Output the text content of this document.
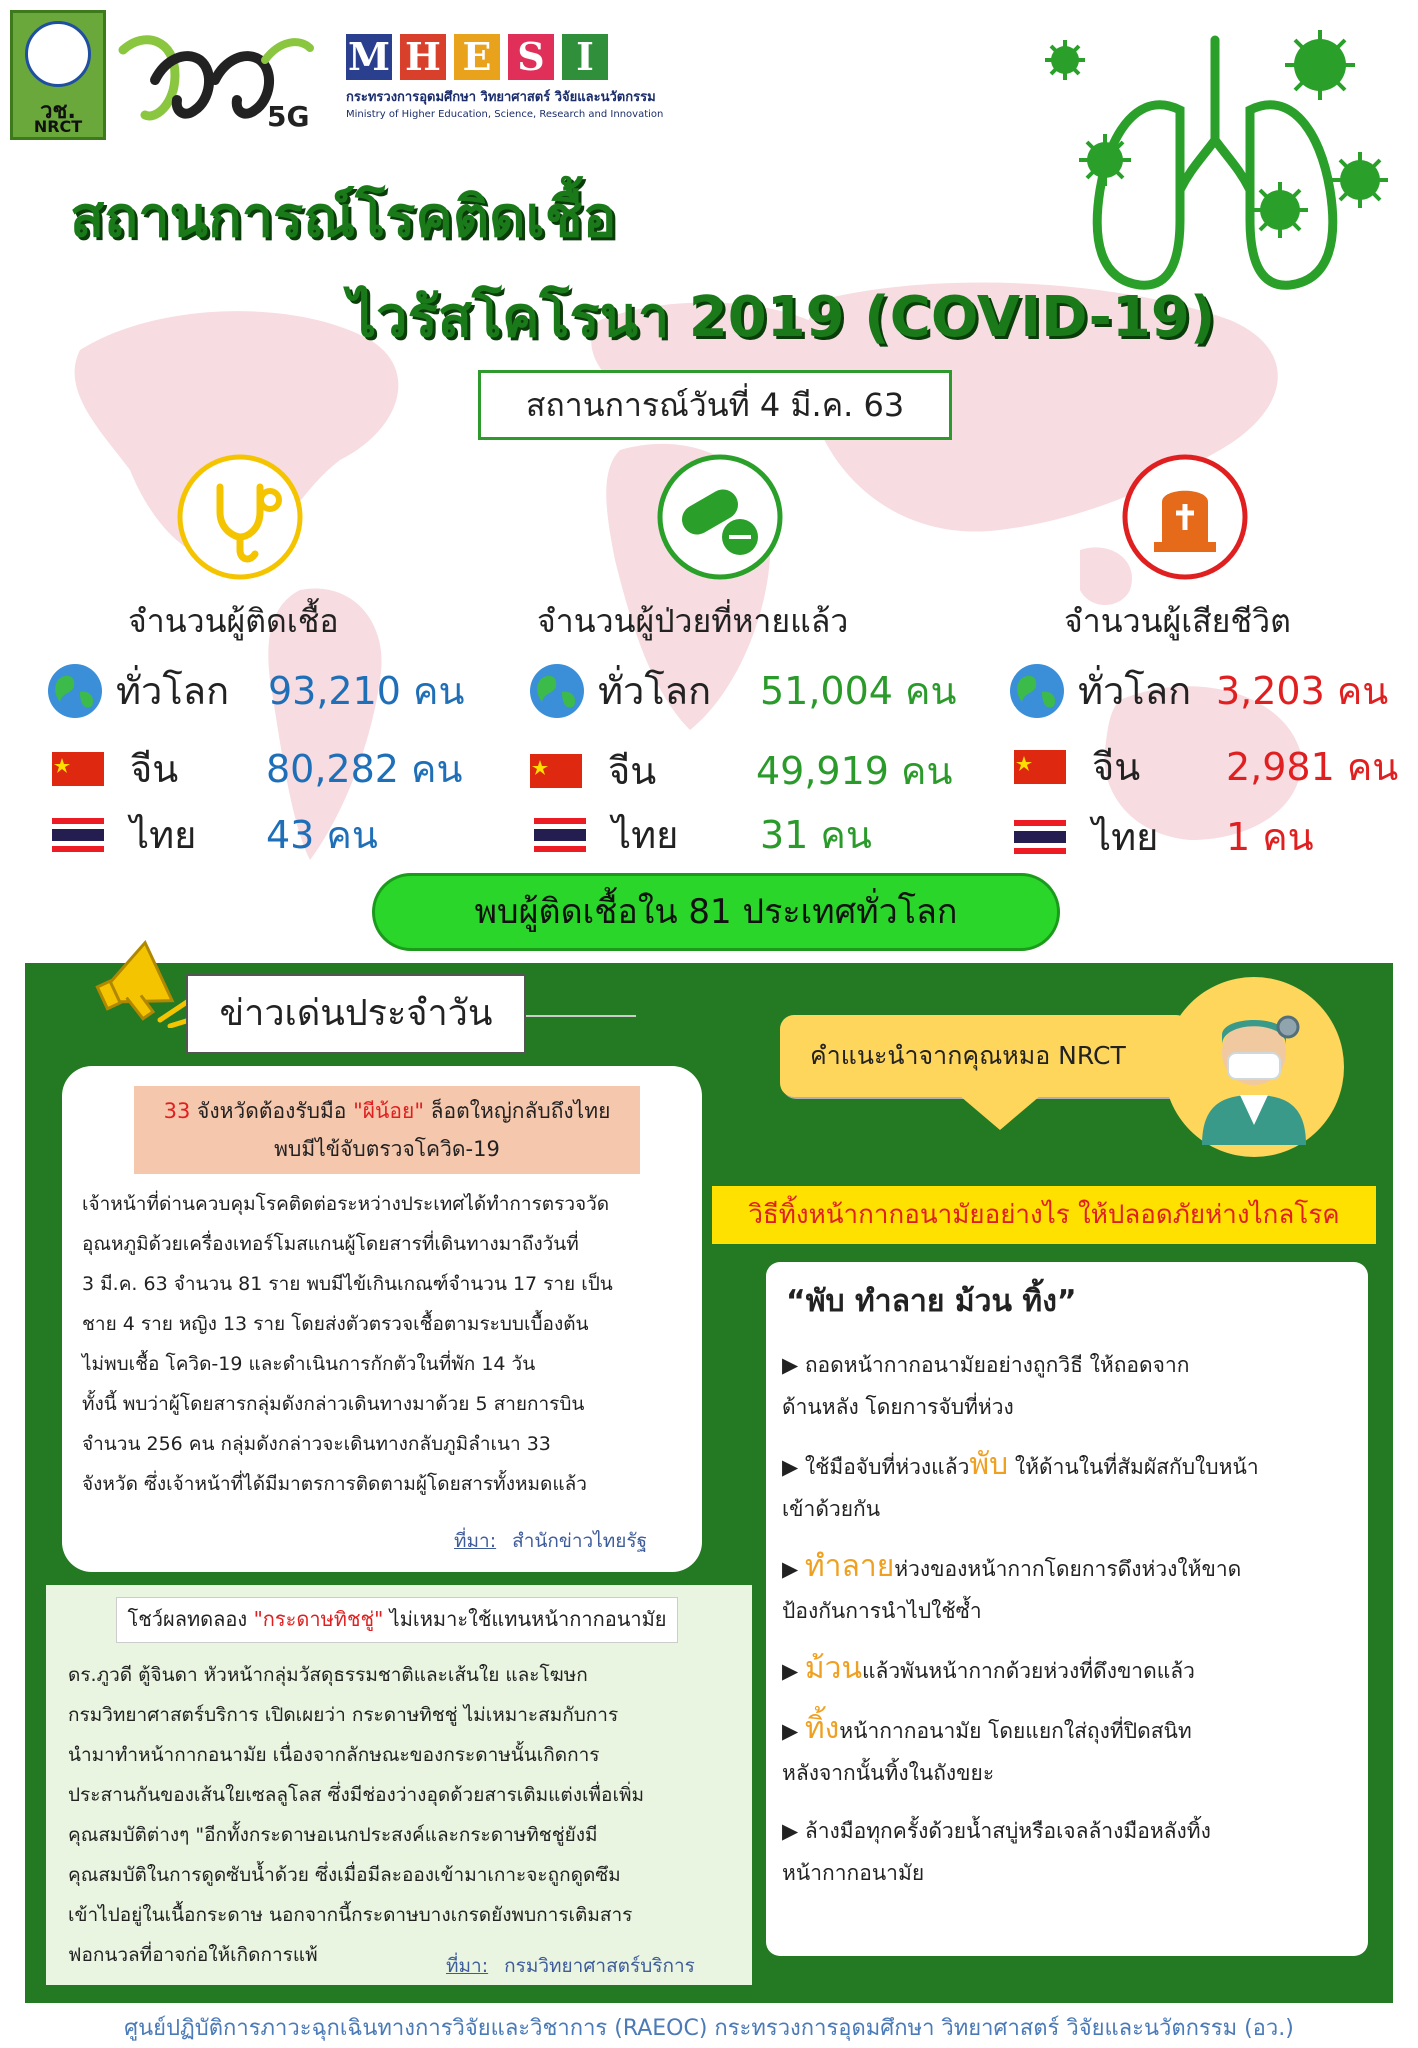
วช.
NRCT	5G
M H E S I
กระทรวงการอุดมศึกษา วิทยาศาสตร์ วิจัยและนวัตกรรม
Ministry of Higher Education, Science, Research and Innovation
สถานการณ์โรคติดเชื้อ
ไวรัสโคโรนา 2019 (COVID-19)
สถานการณ์วันที่ 4 มี.ค. 63
จำนวนผู้ติดเชื้อ	จำนวนผู้ป่วยที่หายแล้ว	จำนวนผู้เสียชีวิต
ทั่วโลก	93,210 คน
จีน	80,282 คน
ไทย	43 คน
ทั่วโลก	51,004 คน
จีน	49,919 คน
ไทย	31 คน
ทั่วโลก 3,203 คน
จีน	2,981 คน
ไทย	1 คน
พบผู้ติดเชื้อใน 81 ประเทศทั่วโลก
ข่าวเด่นประจำวัน
33 จังหวัดต้องรับมือ "ผีน้อย" ล็อตใหญ่กลับถึงไทย
พบมีไข้จับตรวจโควิด-19
เจ้าหน้าที่ด่านควบคุมโรคติดต่อระหว่างประเทศได้ทำการตรวจวัด
อุณหภูมิด้วยเครื่องเทอร์โมสแกนผู้โดยสารที่เดินทางมาถึงวันที่
3 มี.ค. 63 จำนวน 81 ราย พบมีไข้เกินเกณฑ์จำนวน 17 ราย เป็น
ชาย 4 ราย หญิง 13 ราย โดยส่งตัวตรวจเชื้อตามระบบเบื้องต้น
ไม่พบเชื้อ โควิด-19 และดำเนินการกักตัวในที่พัก 14 วัน
ทั้งนี้ พบว่าผู้โดยสารกลุ่มดังกล่าวเดินทางมาด้วย 5 สายการบิน
จำนวน 256 คน กลุ่มดังกล่าวจะเดินทางกลับภูมิลำเนา 33
จังหวัด ซึ่งเจ้าหน้าที่ได้มีมาตรการติดตามผู้โดยสารทั้งหมดแล้ว
ที่มา: สำนักข่าวไทยรัฐ
โชว์ผลทดลอง "กระดาษทิชชู่" ไม่เหมาะใช้แทนหน้ากากอนามัย
ดร.ภูวดี ตู้จินดา หัวหน้ากลุ่มวัสดุธรรมชาติและเส้นใย และโฆษก
กรมวิทยาศาสตร์บริการ เปิดเผยว่า กระดาษทิชชู่ ไม่เหมาะสมกับการ
นำมาทำหน้ากากอนามัย เนื่องจากลักษณะของกระดาษนั้นเกิดการ
ประสานกันของเส้นใยเซลลูโลส ซึ่งมีช่องว่างอุดด้วยสารเติมแต่งเพื่อเพิ่ม
คุณสมบัติต่างๆ "อีกทั้งกระดาษอเนกประสงค์และกระดาษทิชชู่ยังมี
คุณสมบัติในการดูดซับน้ำด้วย ซึ่งเมื่อมีละอองเข้ามาเกาะจะถูกดูดซึม
เข้าไปอยู่ในเนื้อกระดาษ นอกจากนี้กระดาษบางเกรดยังพบการเติมสาร
ฟอกนวลที่อาจก่อให้เกิดการแพ้	ที่มา: กรมวิทยาศาสตร์บริการ
คำแนะนำจากคุณหมอ NRCT
วิธีทิ้งหน้ากากอนามัยอย่างไร ให้ปลอดภัยห่างไกลโรค
“พับ ทำลาย ม้วน ทิ้ง”
▶ ถอดหน้ากากอนามัยอย่างถูกวิธี ให้ถอดจาก
ด้านหลัง โดยการจับที่ห่วง
▶ ใช้มือจับที่ห่วงแล้วพับ ให้ด้านในที่สัมผัสกับใบหน้า
เข้าด้วยกัน
▶ ทำลายห่วงของหน้ากากโดยการดึงห่วงให้ขาด
ป้องกันการนำไปใช้ซ้ำ
▶ ม้วนแล้วพันหน้ากากด้วยห่วงที่ดึงขาดแล้ว
▶ ทิ้งหน้ากากอนามัย โดยแยกใส่ถุงที่ปิดสนิท
หลังจากนั้นทิ้งในถังขยะ
▶ ล้างมือทุกครั้งด้วยน้ำสบู่หรือเจลล้างมือหลังทิ้ง
หน้ากากอนามัย
ศูนย์ปฏิบัติการภาวะฉุกเฉินทางการวิจัยและวิชาการ (RAEOC) กระทรวงการอุดมศึกษา วิทยาศาสตร์ วิจัยและนวัตกรรม (อว.)
